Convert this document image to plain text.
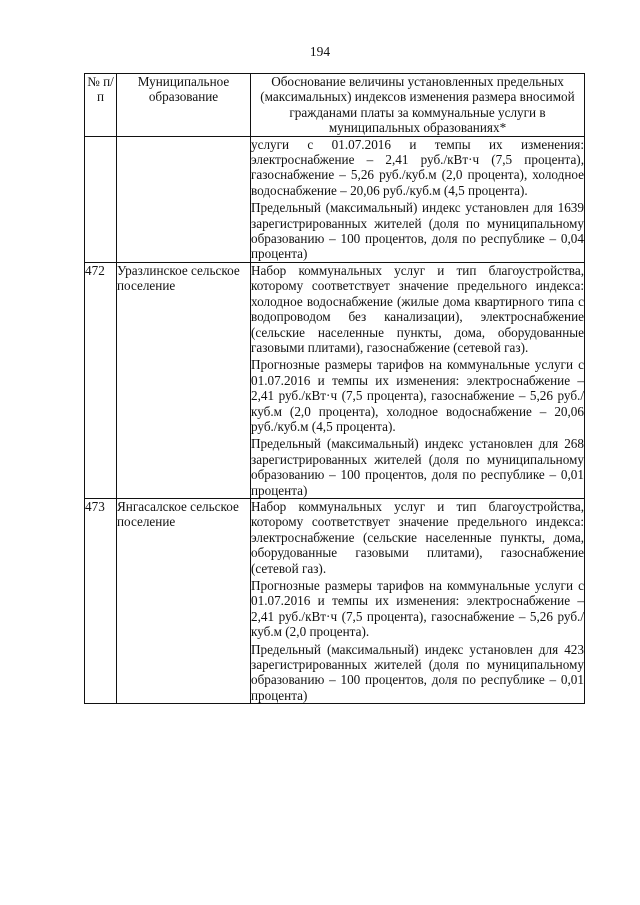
194
№ п/п	Муниципальное образование	Обоснование величины установленных предельных (максимальных) индексов изменения размера вносимой гражданами платы за коммунальные услуги в муниципальных образованиях*

		услуги с 01.07.2016 и темпы их изменения: электроснабжение – 2,41 руб./кВт·ч (7,5 процента), газоснабжение – 5,26 руб./куб.м (2,0 процента), холодное водоснабжение – 20,06 руб./куб.м (4,5 процента).

Предельный (максимальный) индекс установлен для 1639 зарегистрированных жителей (доля по муниципальному образованию – 100 процентов, доля по республике – 0,04 процента)

472	Уразлинское сельское поселение	Набор коммунальных услуг и тип благоустройства, которому соответствует значение предельного индекса: холодное водоснабжение (жилые дома квартирного типа с водопроводом без канализации), электроснабжение (сельские населенные пункты, дома, оборудованные газовыми плитами), газоснабжение (сетевой газ).

Прогнозные размеры тарифов на коммунальные услуги с 01.07.2016 и темпы их изменения: электроснабжение – 2,41 руб./кВт·ч (7,5 процента), газоснабжение – 5,26 руб./куб.м (2,0 процента), холодное водоснабжение – 20,06 руб./куб.м (4,5 процента).

Предельный (максимальный) индекс установлен для 268 зарегистрированных жителей (доля по муниципальному образованию – 100 процентов, доля по республике – 0,01 процента)

473	Янгасалское сельское поселение	Набор коммунальных услуг и тип благоустройства, которому соответствует значение предельного индекса: электроснабжение (сельские населенные пункты, дома, оборудованные газовыми плитами), газоснабжение (сетевой газ).

Прогнозные размеры тарифов на коммунальные услуги с 01.07.2016 и темпы их изменения: электроснабжение – 2,41 руб./кВт·ч (7,5 процента), газоснабжение – 5,26 руб./куб.м (2,0 процента).

Предельный (максимальный) индекс установлен для 423 зарегистрированных жителей (доля по муниципальному образованию – 100 процентов, доля по республике – 0,01 процента)
